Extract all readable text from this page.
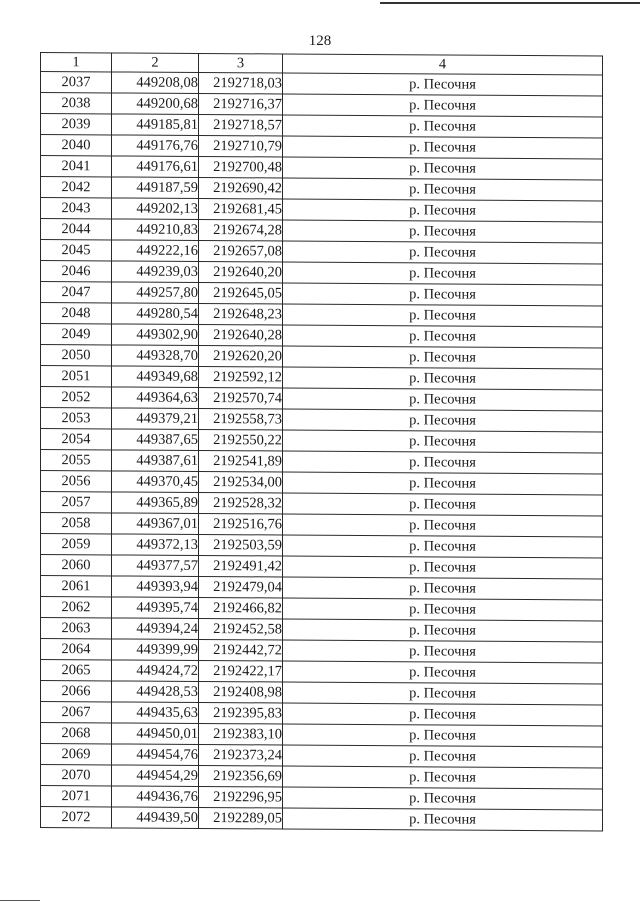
128
1	2	3	4
2037	449208,08	2192718,03	р. Песочня
2038	449200,68	2192716,37	р. Песочня
2039	449185,81	2192718,57	р. Песочня
2040	449176,76	2192710,79	р. Песочня
2041	449176,61	2192700,48	р. Песочня
2042	449187,59	2192690,42	р. Песочня
2043	449202,13	2192681,45	р. Песочня
2044	449210,83	2192674,28	р. Песочня
2045	449222,16	2192657,08	р. Песочня
2046	449239,03	2192640,20	р. Песочня
2047	449257,80	2192645,05	р. Песочня
2048	449280,54	2192648,23	р. Песочня
2049	449302,90	2192640,28	р. Песочня
2050	449328,70	2192620,20	р. Песочня
2051	449349,68	2192592,12	р. Песочня
2052	449364,63	2192570,74	р. Песочня
2053	449379,21	2192558,73	р. Песочня
2054	449387,65	2192550,22	р. Песочня
2055	449387,61	2192541,89	р. Песочня
2056	449370,45	2192534,00	р. Песочня
2057	449365,89	2192528,32	р. Песочня
2058	449367,01	2192516,76	р. Песочня
2059	449372,13	2192503,59	р. Песочня
2060	449377,57	2192491,42	р. Песочня
2061	449393,94	2192479,04	р. Песочня
2062	449395,74	2192466,82	р. Песочня
2063	449394,24	2192452,58	р. Песочня
2064	449399,99	2192442,72	р. Песочня
2065	449424,72	2192422,17	р. Песочня
2066	449428,53	2192408,98	р. Песочня
2067	449435,63	2192395,83	р. Песочня
2068	449450,01	2192383,10	р. Песочня
2069	449454,76	2192373,24	р. Песочня
2070	449454,29	2192356,69	р. Песочня
2071	449436,76	2192296,95	р. Песочня
2072	449439,50	2192289,05	р. Песочня
